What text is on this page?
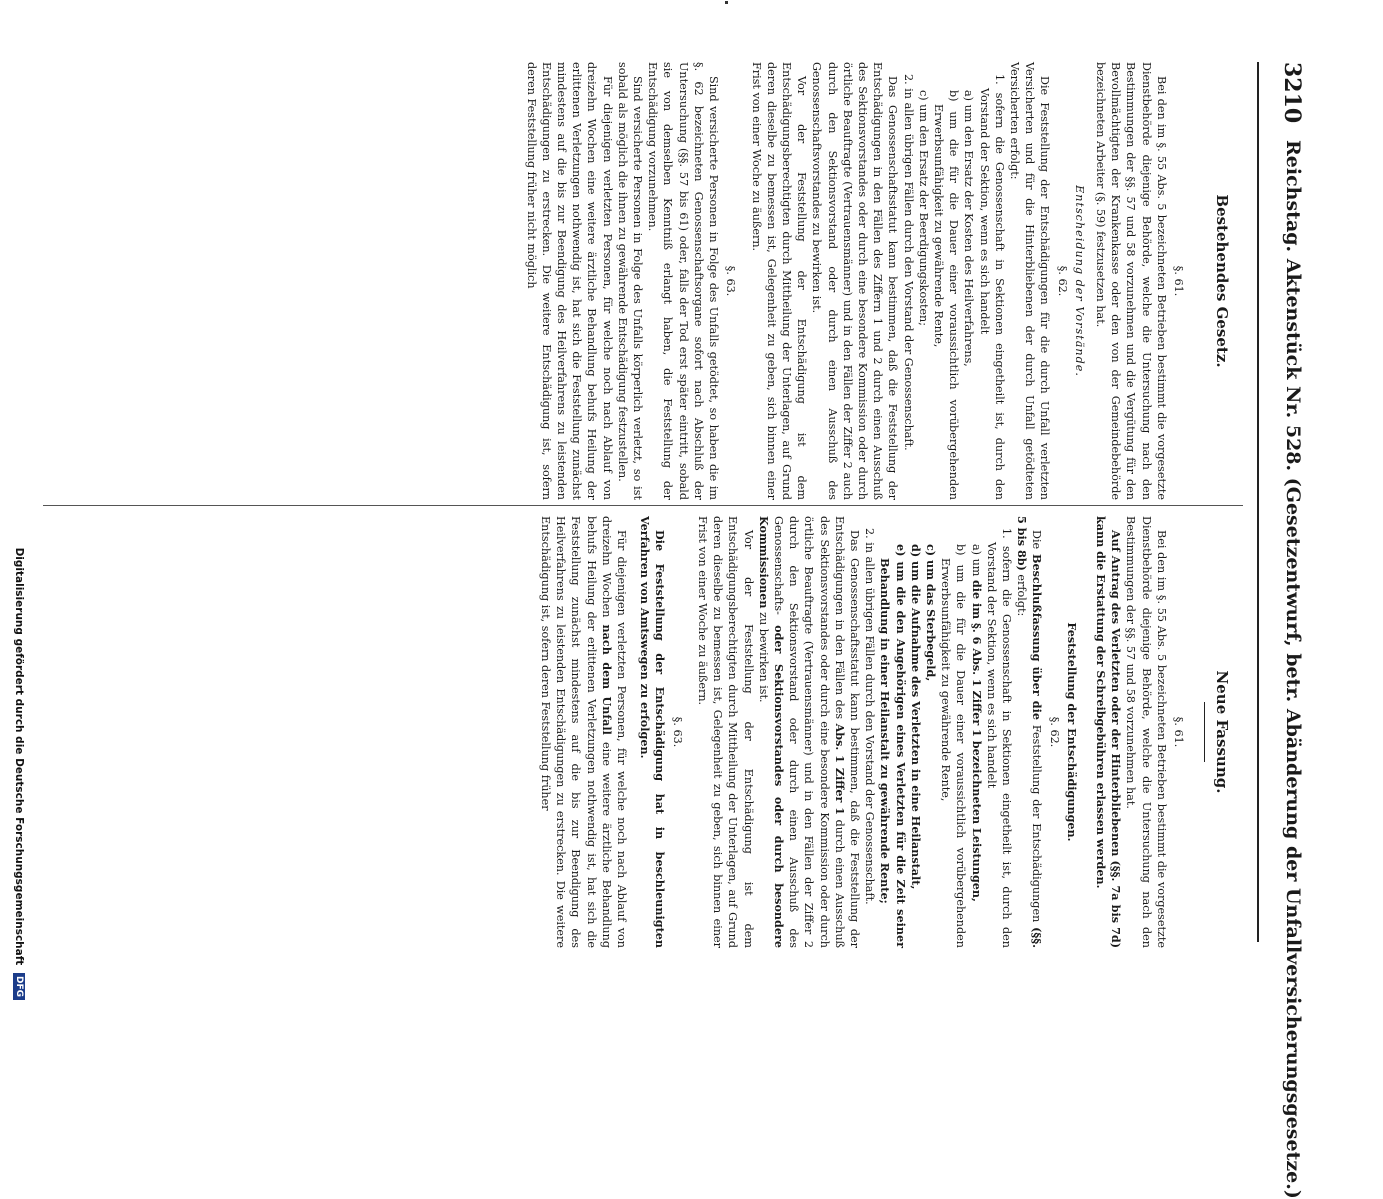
3210
Reichstag. Aktenstück Nr. 528. (Gesetzentwurf, betr. Abänderung der Unfallversicherungsgesetze.)
Bestehendes Gesetz.
Neue Fassung.
§. 61.

Bei den im §. 55 Abs. 5 bezeichneten Betrieben bestimmt die vorgesetzte Dienstbehörde diejenige Behörde, welche die Untersuchung nach den Bestimmungen der §§. 57 und 58 vorzunehmen und die Vergütung für den Bevollmächtigten der Krankenkasse oder den von der Gemeindebehörde bezeichneten Arbeiter (§. 59) festzusetzen hat.

Entscheidung der Vorstände.
§. 62.

Die Feststellung der Entschädigungen für die durch Unfall verletzten Versicherten und für die Hinterbliebenen der durch Unfall getödteten Versicherten erfolgt:

1. sofern die Genossenschaft in Sektionen eingetheilt ist, durch den Vorstand der Sektion, wenn es sich handelt
a) um den Ersatz der Kosten des Heilverfahrens,
b) um die für die Dauer einer voraussichtlich vorübergehenden Erwerbsunfähigkeit zu gewährende Rente,
c) um den Ersatz der Beerdigungskosten;
2. in allen übrigen Fällen durch den Vorstand der Genossenschaft.

Das Genossenschaftsstatut kann bestimmen, daß die Feststellung der Entschädigungen in den Fällen des Ziffern 1 und 2 durch einen Ausschuß des Sektionsvorstandes oder durch eine besondere Kommission oder durch örtliche Beauftragte (Vertrauensmänner) und in den Fällen der Ziffer 2 auch durch den Sektionsvorstand oder durch einen Ausschuß des Genossenschaftsvorstandes zu bewirken ist.

Vor der Feststellung der Entschädigung ist dem Entschädigungsberechtigten durch Mittheilung der Unterlagen, auf Grund deren dieselbe zu bemessen ist, Gelegenheit zu geben, sich binnen einer Frist von einer Woche zu äußern.

§. 63.

Sind versicherte Personen in Folge des Unfalls getödtet, so haben die im §. 62 bezeichneten Genossenschaftsorgane sofort nach Abschluß der Untersuchung (§§. 57 bis 61) oder, falls der Tod erst später eintritt, sobald sie von demselben Kenntniß erlangt haben, die Feststellung der Entschädigung vorzunehmen.

Sind versicherte Personen in Folge des Unfalls körperlich verletzt, so ist sobald als möglich die ihnen zu gewährende Entschädigung festzustellen.

Für diejenigen verletzten Personen, für welche noch nach Ablauf von dreizehn Wochen eine weitere ärztliche Behandlung behufs Heilung der erlittenen Verletzungen nothwendig ist, hat sich die Feststellung zunächst mindestens auf die bis zur Beendigung des Heilverfahrens zu leistenden Entschädigungen zu erstrecken. Die weitere Entschädigung ist, sofern deren Feststellung früher nicht möglich

§. 61.

Bei den im §. 55 Abs. 5 bezeichneten Betrieben bestimmt die vorgesetzte Dienstbehörde diejenige Behörde, welche die Untersuchung nach den Bestimmungen der §§. 57 und 58 vorzunehmen hat.

Auf Antrag des Verletzten oder der Hinterbliebenen (§§. 7a bis 7d) kann die Erstattung der Schreibgebühren erlassen werden.

Feststellung der Entschädigungen.
§. 62.

Die Beschlußfassung über die Feststellung der Entschädigungen (§§. 5 bis 8b) erfolgt:

1. sofern die Genossenschaft in Sektionen eingetheilt ist, durch den Vorstand der Sektion, wenn es sich handelt
a) um die im §. 6 Abs. 1 Ziffer 1 bezeichneten Leistungen,
b) um die für die Dauer einer voraussichtlich vorübergehenden Erwerbsunfähigkeit zu gewährende Rente,
c) um das Sterbegeld,
d) um die Aufnahme des Verletzten in eine Heilanstalt,
e) um die den Angehörigen eines Verletzten für die Zeit seiner Behandlung in einer Heilanstalt zu gewährende Rente;
2. in allen übrigen Fällen durch den Vorstand der Genossenschaft.

Das Genossenschaftsstatut kann bestimmen, daß die Feststellung der Entschädigungen in den Fällen des Abs. 1 Ziffer 1 durch einen Ausschuß des Sektionsvorstandes oder durch eine besondere Kommission oder durch örtliche Beauftragte (Vertrauensmänner) und in den Fällen der Ziffer 2 durch den Sektionsvorstand oder durch einen Ausschuß des Genossenschafts- oder Sektionsvorstandes oder durch besondere Kommissionen zu bewirken ist.

Vor der Feststellung der Entschädigung ist dem Entschädigungsberechtigten durch Mittheilung der Unterlagen, auf Grund deren dieselbe zu bemessen ist, Gelegenheit zu geben, sich binnen einer Frist von einer Woche zu äußern.

§. 63.

Die Feststellung der Entschädigung hat in beschleunigten Verfahren von Amtswegen zu erfolgen.

Für diejenigen verletzten Personen, für welche noch nach Ablauf von dreizehn Wochen nach dem Unfall eine weitere ärztliche Behandlung behufs Heilung der erlittenen Verletzungen nothwendig ist, hat sich die Feststellung zunächst mindestens auf die bis zur Beendigung des Heilverfahrens zu leistenden Entschädigungen zu erstrecken. Die weitere Entschädigung ist, sofern deren Feststellung früher

Digitalisierung gefördert durch die Deutsche Forschungsgemeinschaft DFG
